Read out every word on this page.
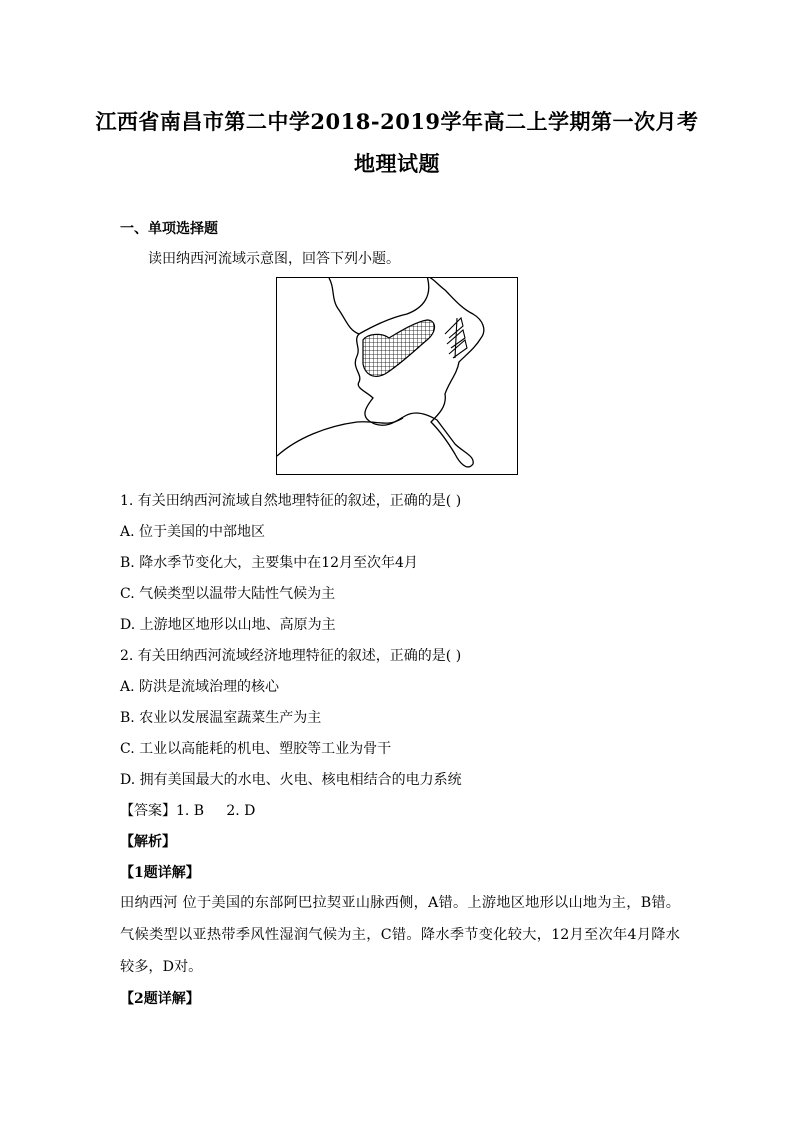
江西省南昌市第二中学2018-2019学年高二上学期第一次月考
地理试题
一、单项选择题
读田纳西河流域示意图，回答下列小题。
1. 有关田纳西河流域自然地理特征的叙述，正确的是( )
A. 位于美国的中部地区
B. 降水季节变化大，主要集中在12月至次年4月
C. 气候类型以温带大陆性气候为主
D. 上游地区地形以山地、高原为主
2. 有关田纳西河流域经济地理特征的叙述，正确的是( )
A. 防洪是流域治理的核心
B. 农业以发展温室蔬菜生产为主
C. 工业以高能耗的机电、塑胶等工业为骨干
D. 拥有美国最大的水电、火电、核电相结合的电力系统
【答案】1. B     2. D
【解析】
【1题详解】
田纳西河 位于美国的东部阿巴拉契亚山脉西侧，A错。上游地区地形以山地为主，B错。气候类型以亚热带季风性湿润气候为主，C错。降水季节变化较大，12月至次年4月降水较多，D对。
【2题详解】
